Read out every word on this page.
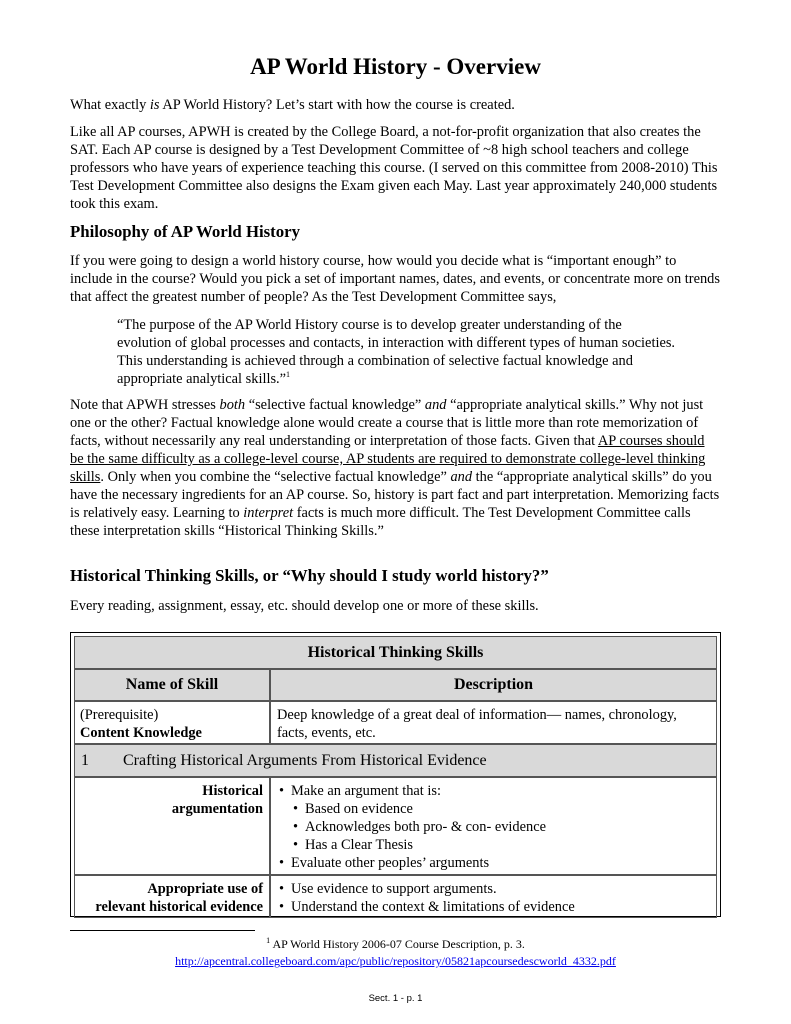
AP World History - Overview

What exactly is AP World History? Let’s start with how the course is created.

Like all AP courses, APWH is created by the College Board, a not-for-profit organization that also creates the SAT. Each AP course is designed by a Test Development Committee of ~8 high school teachers and college professors who have years of experience teaching this course. (I served on this committee from 2008-2010) This Test Development Committee also designs the Exam given each May. Last year approximately 240,000 students took this exam.

Philosophy of AP World History

If you were going to design a world history course, how would you decide what is “important enough” to include in the course? Would you pick a set of important names, dates, and events, or concentrate more on trends that affect the greatest number of people? As the Test Development Committee says,

“The purpose of the AP World History course is to develop greater understanding of the evolution of global processes and contacts, in interaction with different types of human societies. This understanding is achieved through a combination of selective factual knowledge and appropriate analytical skills.”$^1$

Note that APWH stresses both “selective factual knowledge” and “appropriate analytical skills.” Why not just one or the other? Factual knowledge alone would create a course that is little more than rote memorization of facts, without necessarily any real understanding or interpretation of those facts. Given that AP courses should be the same difficulty as a college-level course, AP students are required to demonstrate college-level thinking skills. Only when you combine the “selective factual knowledge” and the “appropriate analytical skills” do you have the necessary ingredients for an AP course. So, history is part fact and part interpretation. Memorizing facts is relatively easy. Learning to interpret facts is much more difficult. The Test Development Committee calls these interpretation skills “Historical Thinking Skills.”

Historical Thinking Skills, or “Why should I study world history?”

Every reading, assignment, essay, etc. should develop one or more of these skills.

Historical Thinking Skills
Name of Skill	Description
(Prerequisite)
Content Knowledge
Deep knowledge of a great deal of information— names, chronology, facts, events, etc.
1 Crafting Historical Arguments From Historical Evidence
Historical
argumentation
• Make an argument that is:
• Based on evidence
• Acknowledges both pro- & con- evidence
• Has a Clear Thesis
• Evaluate other peoples’ arguments
Appropriate use of
relevant historical evidence
• Use evidence to support arguments.
• Understand the context & limitations of evidence

$^1$ AP World History 2006-07 Course Description, p. 3.

http://apcentral.collegeboard.com/apc/public/repository/05821apcoursedescworld_4332.pdf

Sect. 1 - p. 1
